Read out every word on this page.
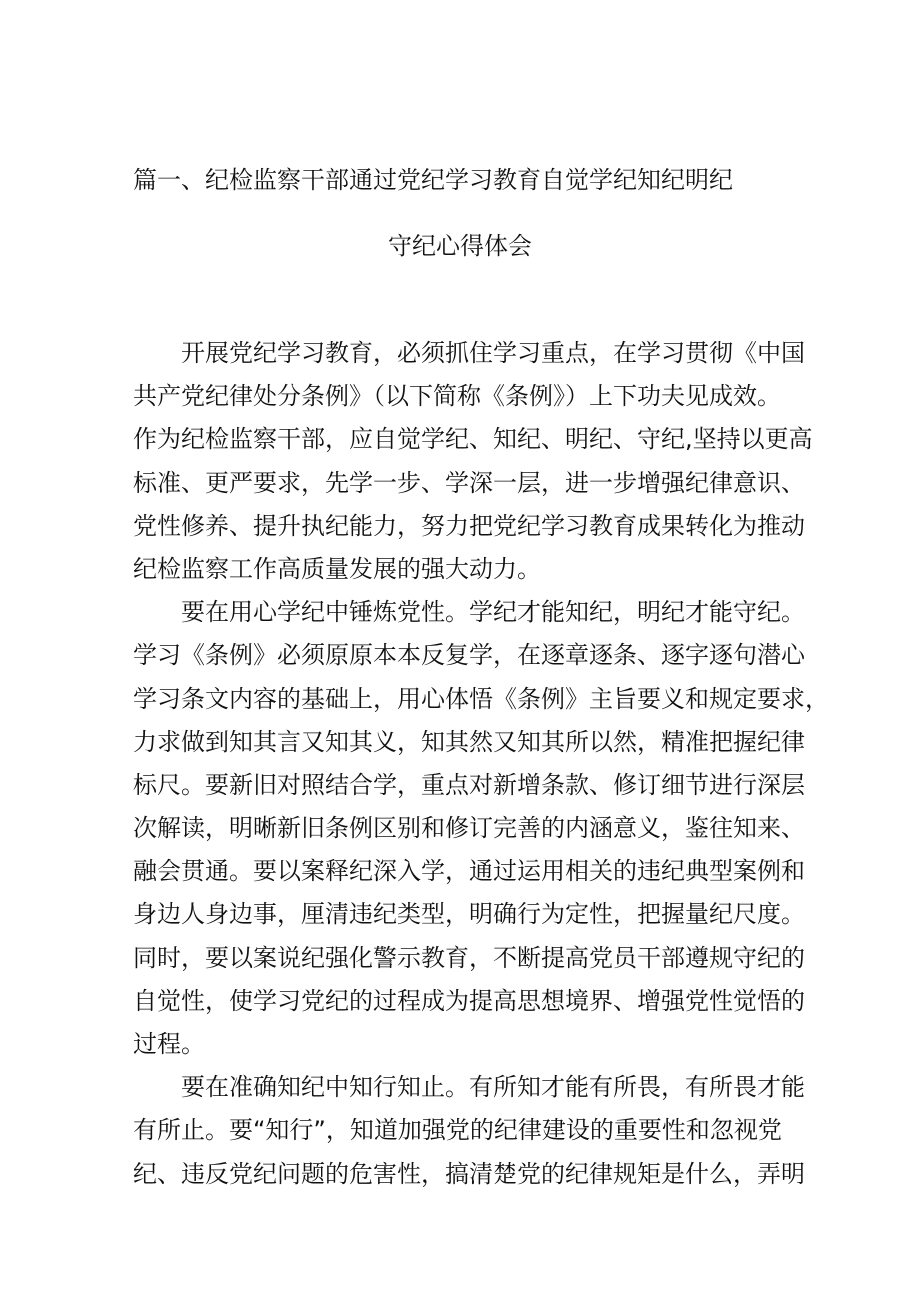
篇一、纪检监察干部通过党纪学习教育自觉学纪知纪明纪
守纪心得体会
开展党纪学习教育，必须抓住学习重点，在学习贯彻《中国
共产党纪律处分条例》（以下简称《条例》）上下功夫见成效。
作为纪检监察干部，应自觉学纪、知纪、明纪、守纪,坚持以更高
标准、更严要求，先学一步、学深一层，进一步增强纪律意识、
党性修养、提升执纪能力，努力把党纪学习教育成果转化为推动
纪检监察工作高质量发展的强大动力。
要在用心学纪中锤炼党性。学纪才能知纪，明纪才能守纪。
学习《条例》必须原原本本反复学，在逐章逐条、逐字逐句潜心
学习条文内容的基础上，用心体悟《条例》主旨要义和规定要求，
力求做到知其言又知其义，知其然又知其所以然，精准把握纪律
标尺。要新旧对照结合学，重点对新增条款、修订细节进行深层
次解读，明晰新旧条例区别和修订完善的内涵意义，鉴往知来、
融会贯通。要以案释纪深入学，通过运用相关的违纪典型案例和
身边人身边事，厘清违纪类型，明确行为定性，把握量纪尺度。
同时，要以案说纪强化警示教育，不断提高党员干部遵规守纪的
自觉性，使学习党纪的过程成为提高思想境界、增强党性觉悟的
过程。
要在准确知纪中知行知止。有所知才能有所畏，有所畏才能
有所止。要“知行”，知道加强党的纪律建设的重要性和忽视党
纪、违反党纪问题的危害性，搞清楚党的纪律规矩是什么，弄明
